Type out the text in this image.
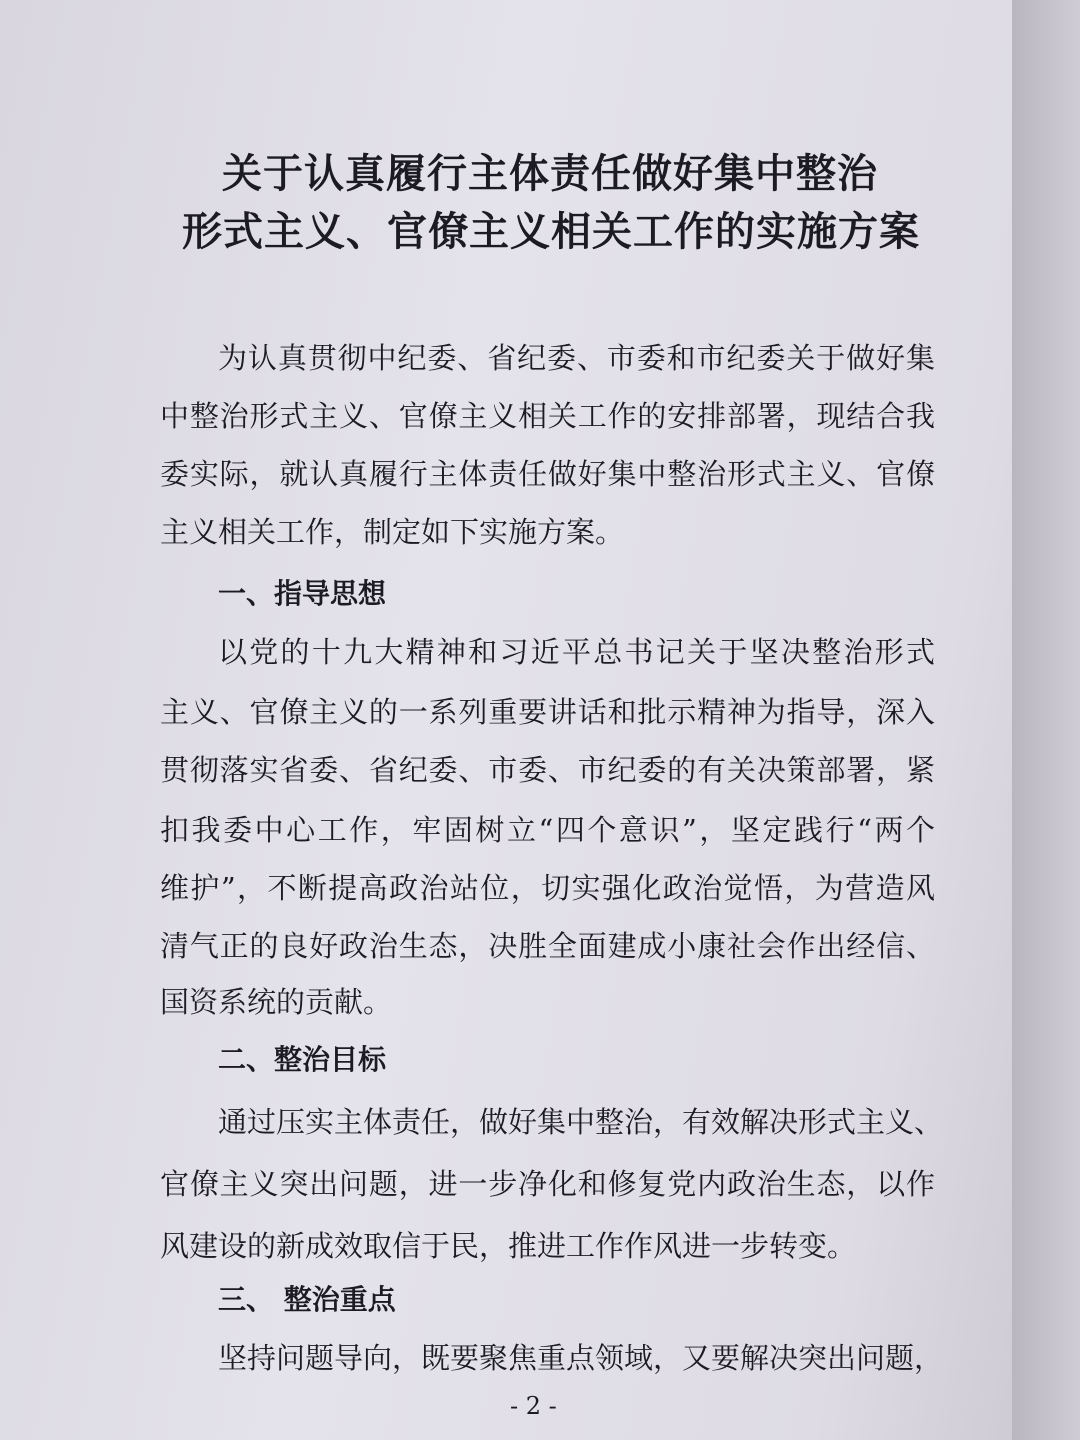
关于认真履行主体责任做好集中整治
形式主义、官僚主义相关工作的实施方案
为认真贯彻中纪委、省纪委、市委和市纪委关于做好集
中整治形式主义、官僚主义相关工作的安排部署，现结合我
委实际，就认真履行主体责任做好集中整治形式主义、官僚
主义相关工作，制定如下实施方案。
一、指导思想
以党的十九大精神和习近平总书记关于坚决整治形式
主义、官僚主义的一系列重要讲话和批示精神为指导，深入
贯彻落实省委、省纪委、市委、市纪委的有关决策部署，紧
扣我委中心工作，牢固树立“四个意识”，坚定践行“两个
维护”，不断提高政治站位，切实强化政治觉悟，为营造风
清气正的良好政治生态，决胜全面建成小康社会作出经信、
国资系统的贡献。
二、整治目标
通过压实主体责任，做好集中整治，有效解决形式主义、
官僚主义突出问题，进一步净化和修复党内政治生态，以作
风建设的新成效取信于民，推进工作作风进一步转变。
三、 整治重点
坚持问题导向，既要聚焦重点领域，又要解决突出问题，
- 2 -
